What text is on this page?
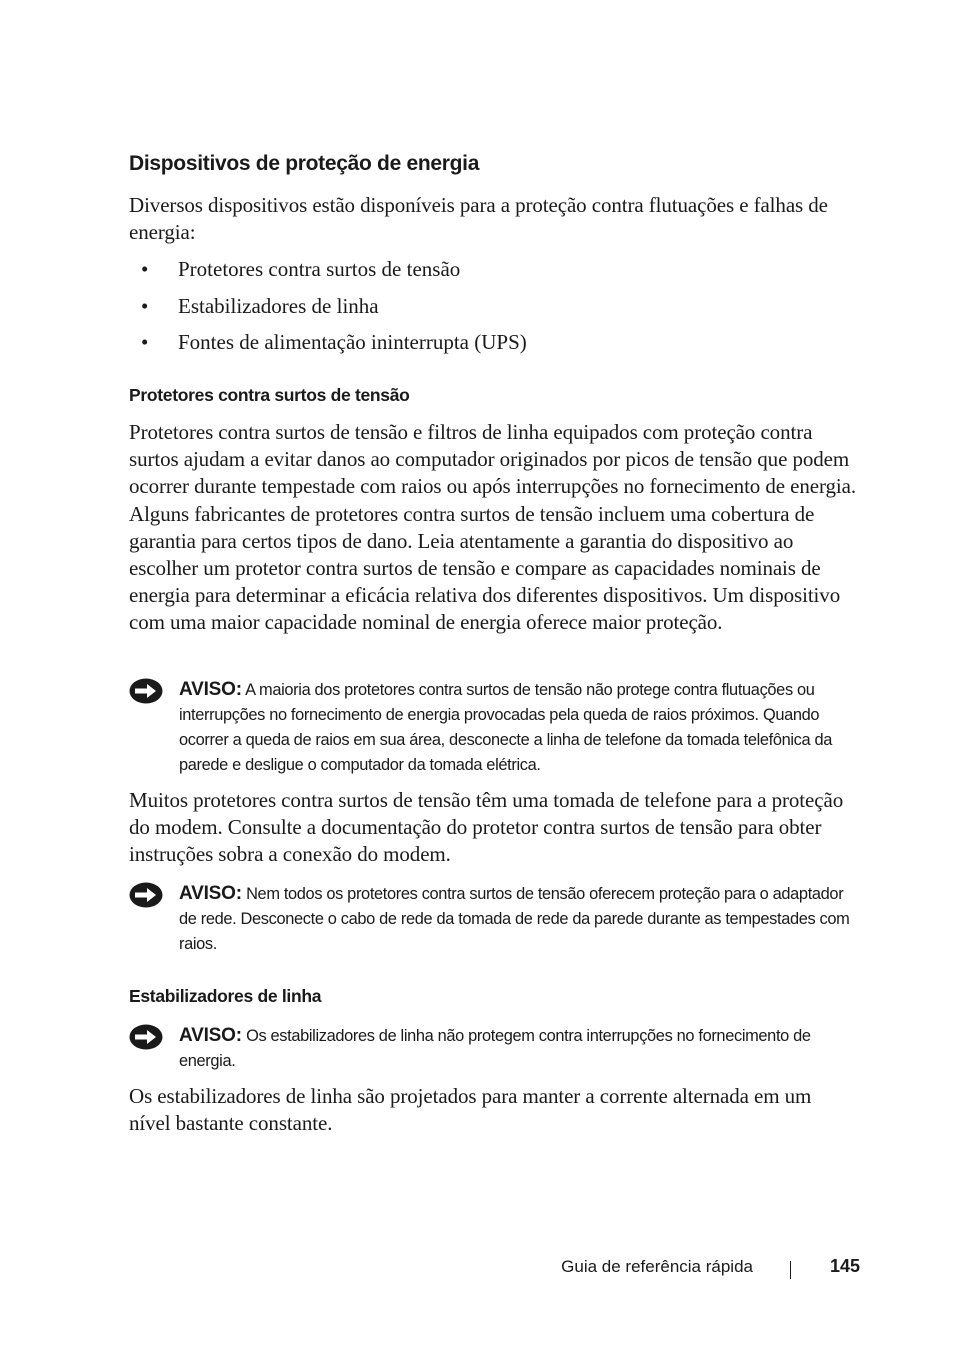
Dispositivos de proteção de energia

Diversos dispositivos estão disponíveis para a proteção contra flutuações e falhas de energia:

• Protetores contra surtos de tensão
• Estabilizadores de linha
• Fontes de alimentação ininterrupta (UPS)
Protetores contra surtos de tensão

Protetores contra surtos de tensão e filtros de linha equipados com proteção contra surtos ajudam a evitar danos ao computador originados por picos de tensão que podem ocorrer durante tempestade com raios ou após interrupções no fornecimento de energia. Alguns fabricantes de protetores contra surtos de tensão incluem uma cobertura de garantia para certos tipos de dano. Leia atentamente a garantia do dispositivo ao escolher um protetor contra surtos de tensão e compare as capacidades nominais de energia para determinar a eficácia relativa dos diferentes dispositivos. Um dispositivo com uma maior capacidade nominal de energia oferece maior proteção.

AVISO: A maioria dos protetores contra surtos de tensão não protege contra flutuações ou interrupções no fornecimento de energia provocadas pela queda de raios próximos. Quando ocorrer a queda de raios em sua área, desconecte a linha de telefone da tomada telefônica da parede e desligue o computador da tomada elétrica.

Muitos protetores contra surtos de tensão têm uma tomada de telefone para a proteção do modem. Consulte a documentação do protetor contra surtos de tensão para obter instruções sobra a conexão do modem.

AVISO: Nem todos os protetores contra surtos de tensão oferecem proteção para o adaptador de rede. Desconecte o cabo de rede da tomada de rede da parede durante as tempestades com raios.
Estabilizadores de linha
AVISO: Os estabilizadores de linha não protegem contra interrupções no fornecimento de energia.

Os estabilizadores de linha são projetados para manter a corrente alternada em um nível bastante constante.

Guia de referência rápida	145
